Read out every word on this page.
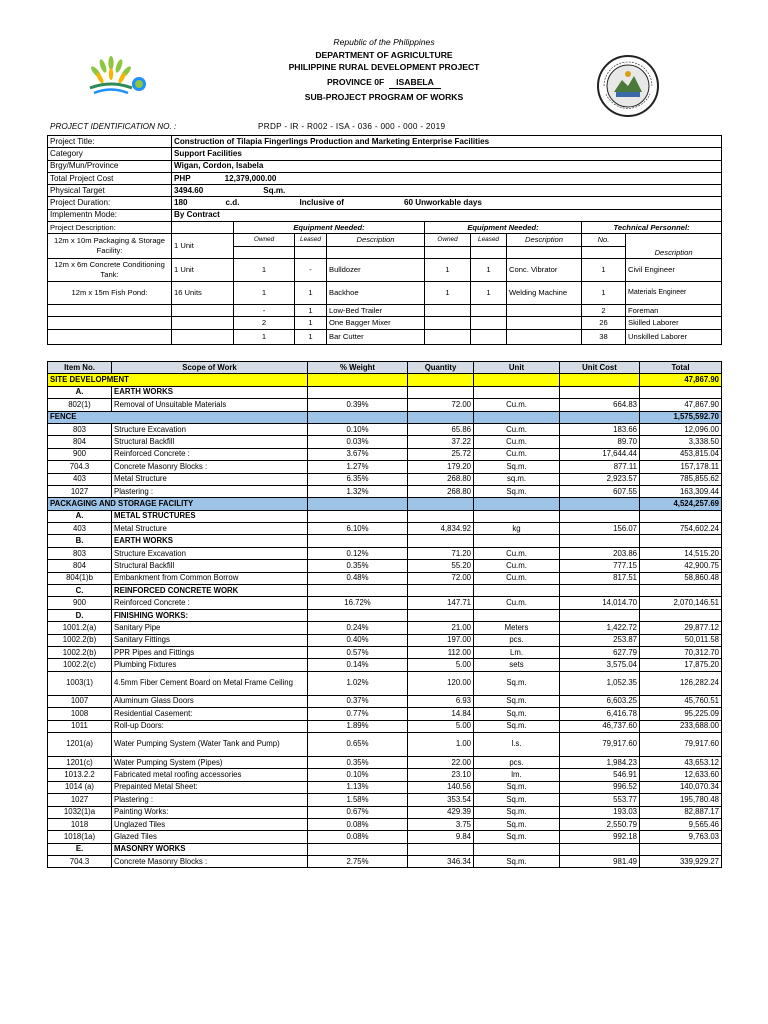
Republic of the Philippines
DEPARTMENT OF AGRICULTURE
PHILIPPINE RURAL DEVELOPMENT PROJECT
PROVINCE 0F ISABELA
SUB-PROJECT PROGRAM OF WORKS
PROJECT IDENTIFICATION NO. :	PRDP - IR - R002 - ISA - 036 - 000 - 000 - 2019
Project Title:	Construction of Tilapia Fingerlings Production and Marketing Enterprise Facilities								
Category	Support Facilities								
Brgy/Mun/Province	Wigan, Cordon, Isabela								
Total Project Cost	PHP 12,379,000.00								
Physical Target	3494.60 Sq.m.								
Project Duration:	180 c.d. Inclusive of 60 Unworkable days								
Implementn Mode:	By Contract								
Project Description:		Equipment Needed:			Equipment Needed:			Technical Personnel:	
12m x 10m Packaging & Storage Facility:	1 Unit	Owned	Leased	Description	Owned	Leased	Description	No.	Description

12m x 6m Concrete Conditioning Tank:	1 Unit	1	-	Bulldozer	1	1	Conc. Vibrator	1	Civil Engineer
12m x 15m Fish Pond:	16 Units	1	1	Backhoe	1	1	Welding Machine	1	Materials Engineer
		-	1	Low-Bed Trailer				2	Foreman
		2	1	One Bagger Mixer				26	Skilled Laborer
		1	1	Bar Cutter				38	Unskilled Laborer
Item No.	Scope of Work	% Weight	Quantity	Unit	Unit Cost	Total
SITE DEVELOPMENT						47,867.90
A.	EARTH WORKS					
802(1)	Removal of Unsuitable Materials	0.39%	72.00	Cu.m.	664.83	47,867.90
FENCE						1,575,592.70
803	Structure Excavation	0.10%	65.86	Cu.m.	183.66	12,096.00
804	Structural Backfill	0.03%	37.22	Cu.m.	89.70	3,338.50
900	Reinforced Concrete :	3.67%	25.72	Cu.m.	17,644.44	453,815.04
704.3	Concrete Masonry Blocks :	1.27%	179.20	Sq.m.	877.11	157,178.11
403	Metal Structure	6.35%	268.80	sq.m.	2,923.57	785,855.62
1027	Plastering :	1.32%	268.80	Sq.m.	607.55	163,309.44
PACKAGING AND STORAGE FACILITY						4,524,257.69
A.	METAL STRUCTURES					
403	Metal Structure	6.10%	4,834.92	kg	156.07	754,602.24
B.	EARTH WORKS					
803	Structure Excavation	0.12%	71.20	Cu.m.	203.86	14,515.20
804	Structural Backfill	0.35%	55.20	Cu.m.	777.15	42,900.75
804(1)b	Embankment from Common Borrow	0.48%	72.00	Cu.m.	817.51	58,860.48
C.	REINFORCED CONCRETE WORK					
900	Reinforced Concrete :	16.72%	147.71	Cu.m.	14,014.70	2,070,146.51
D.	FINISHING WORKS:					
1001.2(a)	Sanitary Pipe	0.24%	21.00	Meters	1,422.72	29,877.12
1002.2(b)	Sanitary Fittings	0.40%	197.00	pcs.	253.87	50,011.58
1002.2(b)	PPR Pipes and Fittings	0.57%	112.00	Lm.	627.79	70,312.70
1002.2(c)	Plumbing Fixtures	0.14%	5.00	sets	3,575.04	17,875.20
1003(1)	4.5mm Fiber Cement Board on Metal Frame Ceiling	1.02%	120.00	Sq.m.	1,052.35	126,282.24
1007	Aluminum Glass Doors	0.37%	6.93	Sq.m.	6,603.25	45,760.51
1008	Residential Casement:	0.77%	14.84	Sq.m.	6,416.78	95,225.09
1011	Roll-up Doors:	1.89%	5.00	Sq.m.	46,737.60	233,688.00
1201(a)	Water Pumping System (Water Tank and Pump)	0.65%	1.00	l.s.	79,917.60	79,917.60
1201(c)	Water Pumping System (Pipes)	0.35%	22.00	pcs.	1,984.23	43,653.12
1013.2.2	Fabricated metal roofing accessories	0.10%	23.10	lm.	546.91	12,633.60
1014 (a)	Prepainted Metal Sheet:	1.13%	140.56	Sq.m.	996.52	140,070.34
1027	Plastering :	1.58%	353.54	Sq.m.	553.77	195,780.48
1032(1)a	Painting Works:	0.67%	429.39	Sq.m.	193.03	82,887.17
1018	Unglazed Tiles	0.08%	3.75	Sq.m.	2,550.79	9,565.46
1018(1a)	Glazed Tiles	0.08%	9.84	Sq.m.	992.18	9,763.03
E.	MASONRY WORKS					
704.3	Concrete Masonry Blocks :	2.75%	346.34	Sq.m.	981.49	339,929.27
